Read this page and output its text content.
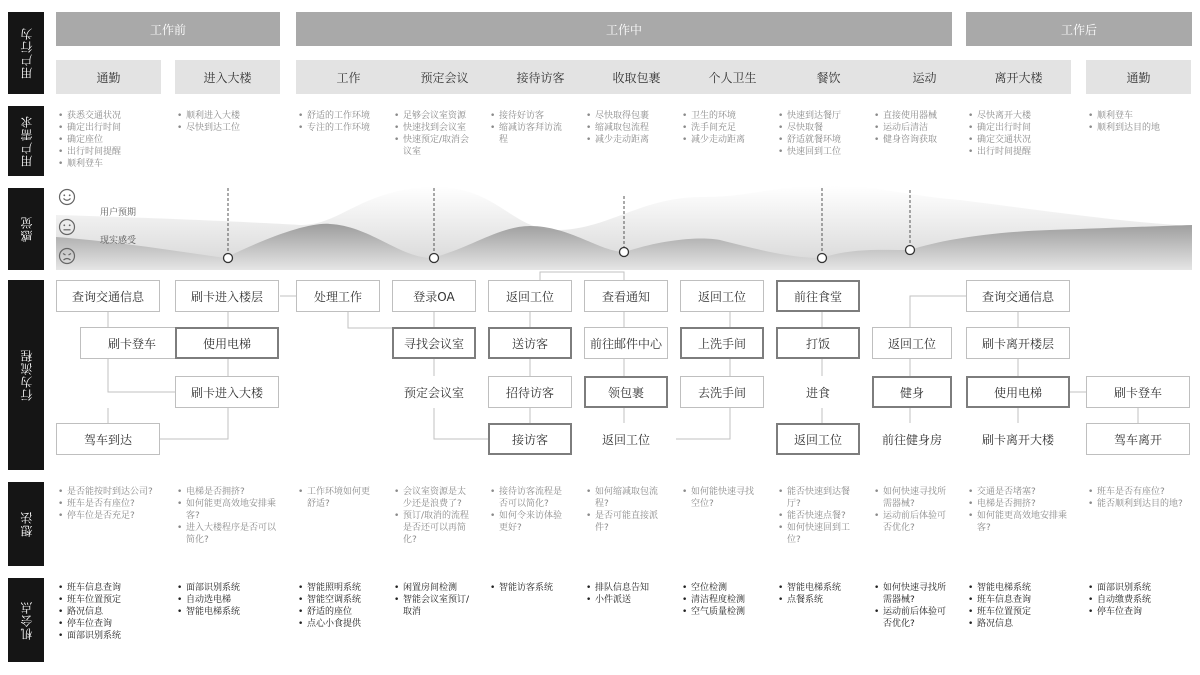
用户行为
用户需求
感觉
行为流程
想法
机会点
工作前	工作中	工作后
通勤	进入大楼	工作	预定会议	接待访客	收取包裹	个人卫生	餐饮	运动	离开大楼	通勤
• 获悉交通状况
• 确定出行时间
• 确定座位
• 出行时间提醒
• 顺利登车
• 顺利进入大楼
• 尽快到达工位
• 舒适的工作环境
• 专注的工作环境
• 足够会议室资源
• 快速找到会议室
• 快速预定/取消会议室
• 接待好访客
• 缩减访客拜访流程
• 尽快取得包裹
• 缩减取包流程
• 减少走动距离
• 卫生的环境
• 洗手间充足
• 减少走动距离
• 快速到达餐厅
• 尽快取餐
• 舒适就餐环境
• 快速回到工位
• 直接使用器械
• 运动后清洁
• 健身咨询获取
• 尽快离开大楼
• 确定出行时间
• 确定交通状况
• 出行时间提醒
• 顺利登车
• 顺利到达目的地
用户预期
现实感受
查询交通信息
刷卡登车
驾车到达
刷卡进入楼层
使用电梯
刷卡进入大楼
处理工作	登录OA
寻找会议室
预定会议室
返回工位
送访客
招待访客
接访客
查看通知
前往邮件中心
领包裹
返回工位
返回工位
上洗手间
去洗手间
前往食堂
打饭
进食
返回工位
返回工位
健身
前往健身房
查询交通信息
刷卡离开楼层
使用电梯
刷卡离开大楼
刷卡登车
驾车离开
• 是否能按时到达公司?
• 班车是否有座位?
• 停车位是否充足?
• 电梯是否拥挤?
• 如何能更高效地安排乘客?
• 进入大楼程序是否可以简化?
• 工作环境如何更舒适?
• 会议室资源是太少还是浪费了?
• 预订/取消的流程是否还可以再简化?
• 接待访客流程是否可以简化?
• 如何令来访体验更好?
• 如何缩减取包流程?
• 是否可能直接派件?
• 如何能快速寻找空位?
• 能否快速到达餐厅?
• 能否快速点餐?
• 如何快速回到工位?
• 如何快速寻找所需器械?
• 运动前后体验可否优化?
• 交通是否堵塞?
• 电梯是否拥挤?
• 如何能更高效地安排乘客?
• 班车是否有座位?
• 能否顺利到达目的地?
• 班车信息查询
• 班车位置预定
• 路况信息
• 停车位查询
• 面部识别系统
• 面部识别系统
• 自动选电梯
• 智能电梯系统
• 智能照明系统
• 智能空调系统
• 舒适的座位
• 点心小食提供
• 闲置房间检测
• 智能会议室预订/取消
• 智能访客系统
•	排队信息告知
• 小件派送
• 空位检测
• 清洁程度检测
• 空气质量检测
• 智能电梯系统
• 点餐系统
• 如何快速寻找所需器械?
• 运动前后体验可否优化?
• 智能电梯系统
• 班车信息查询
• 班车位置预定
• 路况信息
• 面部识别系统
• 自动缴费系统
• 停车位查询
